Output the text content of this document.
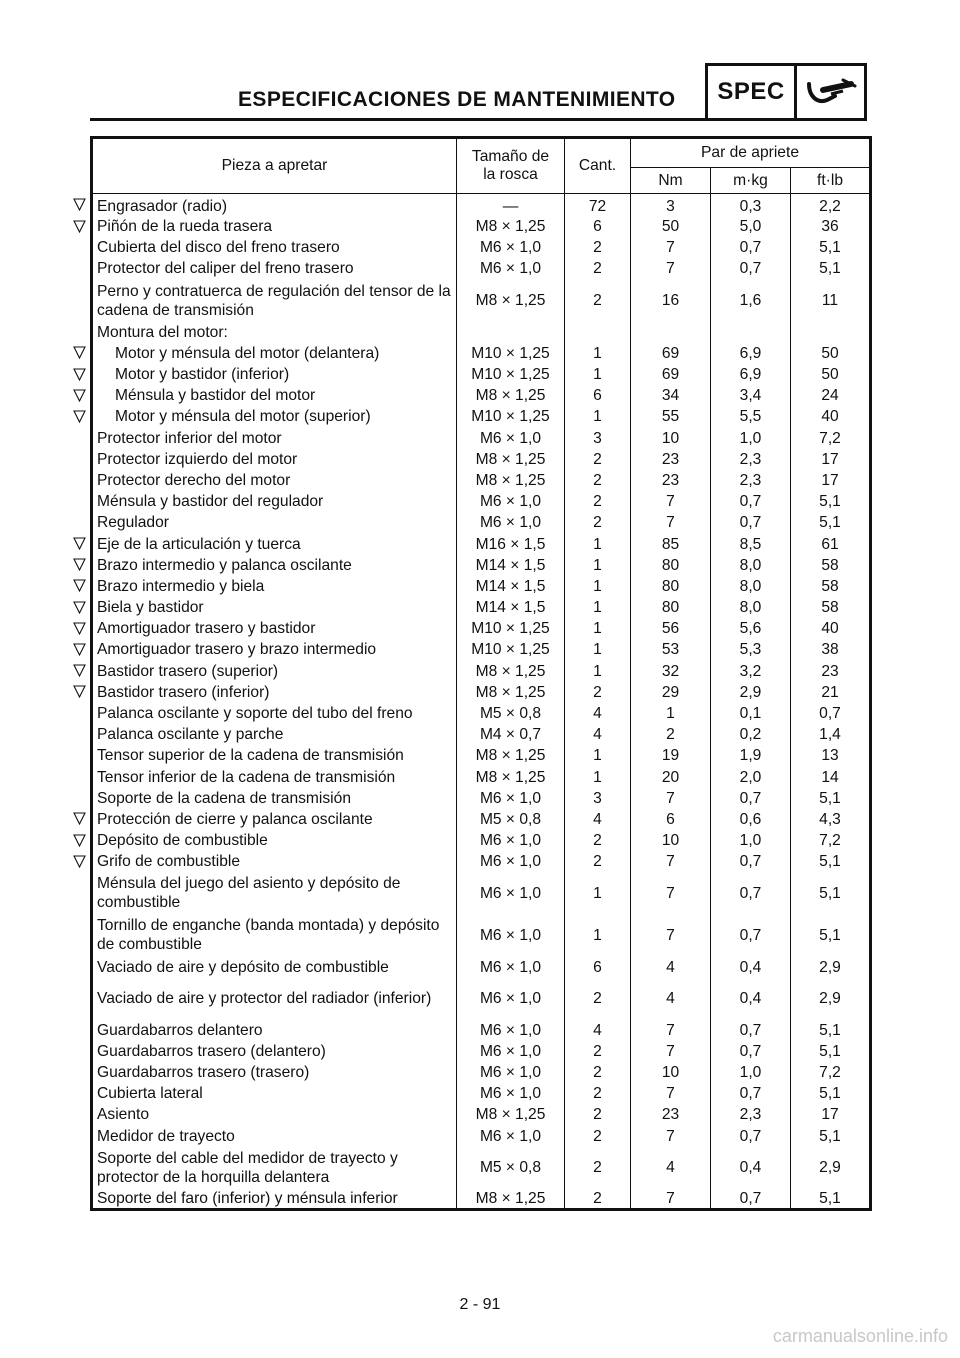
ESPECIFICACIONES DE MANTENIMIENTO	SPEC
Pieza a apretar	Tamaño de la rosca	Cant.	Par de apriete		
			Nm	m·kg	ft·lb
Engrasador (radio)	—	72	3	0,3	2,2
Piñón de la rueda trasera	M8 × 1,25	6	50	5,0	36
Cubierta del disco del freno trasero	M6 × 1,0	2	7	0,7	5,1
Protector del caliper del freno trasero	M6 × 1,0	2	7	0,7	5,1
Perno y contratuerca de regulación del tensor de la cadena de transmisión	M8 × 1,25	2	16	1,6	11
Montura del motor:					
Motor y ménsula del motor (delantera)	M10 × 1,25	1	69	6,9	50
Motor y bastidor (inferior)	M10 × 1,25	1	69	6,9	50
Ménsula y bastidor del motor	M8 × 1,25	6	34	3,4	24
Motor y ménsula del motor (superior)	M10 × 1,25	1	55	5,5	40
Protector inferior del motor	M6 × 1,0	3	10	1,0	7,2
Protector izquierdo del motor	M8 × 1,25	2	23	2,3	17
Protector derecho del motor	M8 × 1,25	2	23	2,3	17
Ménsula y bastidor del regulador	M6 × 1,0	2	7	0,7	5,1
Regulador	M6 × 1,0	2	7	0,7	5,1
Eje de la articulación y tuerca	M16 × 1,5	1	85	8,5	61
Brazo intermedio y palanca oscilante	M14 × 1,5	1	80	8,0	58
Brazo intermedio y biela	M14 × 1,5	1	80	8,0	58
Biela y bastidor	M14 × 1,5	1	80	8,0	58
Amortiguador trasero y bastidor	M10 × 1,25	1	56	5,6	40
Amortiguador trasero y brazo intermedio	M10 × 1,25	1	53	5,3	38
Bastidor trasero (superior)	M8 × 1,25	1	32	3,2	23
Bastidor trasero (inferior)	M8 × 1,25	2	29	2,9	21
Palanca oscilante y soporte del tubo del freno	M5 × 0,8	4	1	0,1	0,7
Palanca oscilante y parche	M4 × 0,7	4	2	0,2	1,4
Tensor superior de la cadena de transmisión	M8 × 1,25	1	19	1,9	13
Tensor inferior de la cadena de transmisión	M8 × 1,25	1	20	2,0	14
Soporte de la cadena de transmisión	M6 × 1,0	3	7	0,7	5,1
Protección de cierre y palanca oscilante	M5 × 0,8	4	6	0,6	4,3
Depósito de combustible	M6 × 1,0	2	10	1,0	7,2
Grifo de combustible	M6 × 1,0	2	7	0,7	5,1
Ménsula del juego del asiento y depósito de combustible	M6 × 1,0	1	7	0,7	5,1
Tornillo de enganche (banda montada) y depósito de combustible	M6 × 1,0	1	7	0,7	5,1
Vaciado de aire y depósito de combustible	M6 × 1,0	6	4	0,4	2,9
Vaciado de aire y protector del radiador (inferior)	M6 × 1,0	2	4	0,4	2,9
Guardabarros delantero	M6 × 1,0	4	7	0,7	5,1
Guardabarros trasero (delantero)	M6 × 1,0	2	7	0,7	5,1
Guardabarros trasero (trasero)	M6 × 1,0	2	10	1,0	7,2
Cubierta lateral	M6 × 1,0	2	7	0,7	5,1
Asiento	M8 × 1,25	2	23	2,3	17
Medidor de trayecto	M6 × 1,0	2	7	0,7	5,1
Soporte del cable del medidor de trayecto y protector de la horquilla delantera	M5 × 0,8	2	4	0,4	2,9
Soporte del faro (inferior) y ménsula inferior	M8 × 1,25	2	7	0,7	5,1
2 - 91
carmanualsonline.info
